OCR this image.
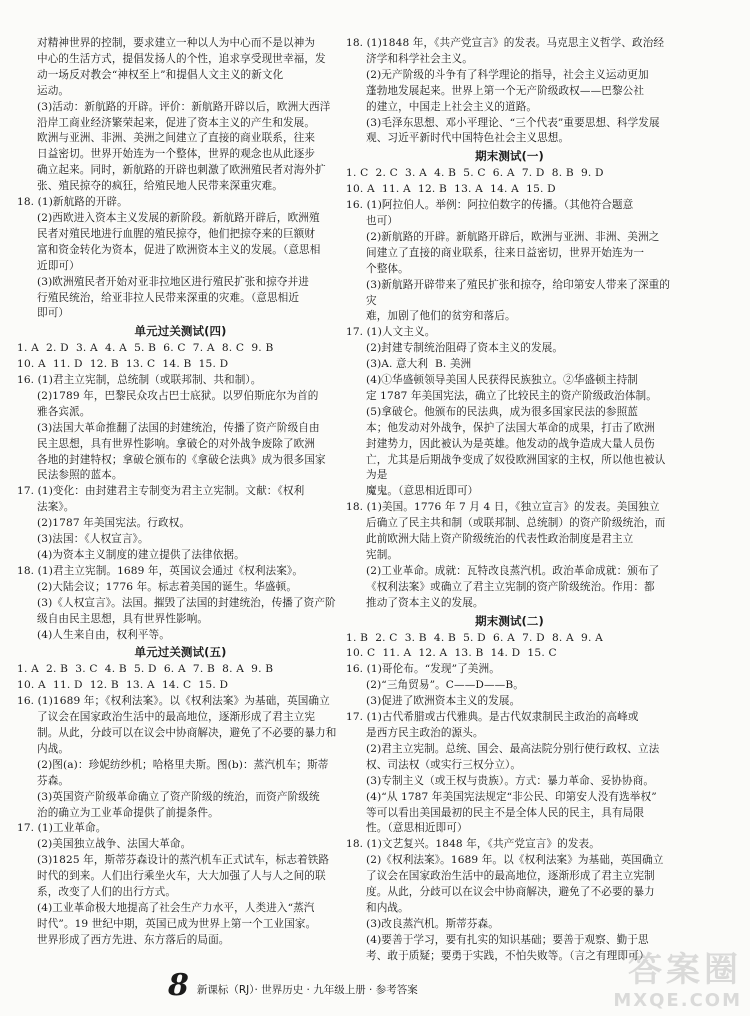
对精神世界的控制，要求建立一种以人为中心而不是以神为
中心的生活方式，提倡发扬人的个性，追求享受现世幸福，发
动一场反对教会“神权至上”和提倡人文主义的新文化
运动。
(3)活动：新航路的开辟。评价：新航路开辟以后，欧洲大西洋
沿岸工商业经济繁荣起来，促进了资本主义的产生和发展。
欧洲与亚洲、非洲、美洲之间建立了直接的商业联系，往来
日益密切。世界开始连为一个整体，世界的观念也从此逐步
确立起来。同时，新航路的开辟也刺激了欧洲殖民者对海外扩
张、殖民掠夺的疯狂，给殖民地人民带来深重灾难。
18. (1)新航路的开辟。
(2)西欧进入资本主义发展的新阶段。新航路开辟后，欧洲殖
民者对殖民地进行血腥的殖民掠夺，他们把掠夺来的巨额财
富和资金转化为资本，促进了欧洲资本主义的发展。（意思相
近即可）
(3)欧洲殖民者开始对亚非拉地区进行殖民扩张和掠夺并进
行殖民统治，给亚非拉人民带来深重的灾难。（意思相近
即可）
单元过关测试(四)
1. A  2. D  3. A  4. A  5. B  6. C  7. A  8. C  9. B
10. A  11. D  12. B  13. C  14. B  15. D
16. (1)君主立宪制，总统制（或联邦制、共和制）。
(2)1789 年，巴黎民众攻占巴士底狱。以罗伯斯庇尔为首的
雅各宾派。
(3)法国大革命推翻了法国的封建统治，传播了资产阶级自由
民主思想，具有世界性影响。拿破仑的对外战争废除了欧洲
各地的封建特权；拿破仑颁布的《拿破仑法典》成为很多国家
民法参照的蓝本。
17. (1)变化：由封建君主专制变为君主立宪制。文献：《权利
法案》。
(2)1787 年美国宪法。行政权。
(3)法国：《人权宣言》。
(4)为资本主义制度的建立提供了法律依据。
18. (1)君主立宪制。1689 年，英国议会通过《权利法案》。
(2)大陆会议；1776 年。标志着美国的诞生。华盛顿。
(3)《人权宣言》。法国。摧毁了法国的封建统治，传播了资产阶
级自由民主思想，具有世界性影响。
(4)人生来自由，权利平等。
单元过关测试(五)
1. A  2. B  3. C  4. B  5. D  6. A  7. B  8. A  9. B
10. A  11. D  12. B  13. A  14. C  15. D
16. (1)1689 年；《权利法案》。以《权利法案》为基础，英国确立
了议会在国家政治生活中的最高地位，逐渐形成了君主立宪
制。从此，分歧可以在议会中协商解决，避免了不必要的暴力和
内战。
(2)图(a)：珍妮纺纱机；哈格里夫斯。图(b)：蒸汽机车；斯蒂
芬森。
(3)英国资产阶级革命确立了资产阶级的统治，而资产阶级统
治的确立为工业革命提供了前提条件。
17. (1)工业革命。
(2)美国独立战争、法国大革命。
(3)1825 年，斯蒂芬森设计的蒸汽机车正式试车，标志着铁路
时代的到来。人们出行乘坐火车，大大加强了人与人之间的联
系，改变了人们的出行方式。
(4)工业革命极大地提高了社会生产力水平，人类进入“蒸汽
时代”。19 世纪中期，英国已成为世界上第一个工业国家。
世界形成了西方先进、东方落后的局面。
18. (1)1848 年，《共产党宣言》的发表。马克思主义哲学、政治经
济学和科学社会主义。
(2)无产阶级的斗争有了科学理论的指导，社会主义运动更加
蓬勃地发展起来。世界上第一个无产阶级政权——巴黎公社
的建立，中国走上社会主义的道路。
(3)毛泽东思想、邓小平理论、“三个代表”重要思想、科学发展
观、习近平新时代中国特色社会主义思想。
期末测试(一)
1. C  2. C  3. A  4. B  5. C  6. A  7. D  8. B  9. D
10. A  11. A  12. B  13. A  14. A  15. D
16. (1)阿拉伯人。举例：阿拉伯数字的传播。（其他符合题意
也可）
(2)新航路的开辟。新航路开辟后，欧洲与亚洲、非洲、美洲之
间建立了直接的商业联系，往来日益密切，世界开始连为一
个整体。
(3)新航路开辟带来了殖民扩张和掠夺，给印第安人带来了深重的灾
难，加剧了他们的贫穷和落后。
17. (1)人文主义。
(2)封建专制统治阻碍了资本主义的发展。
(3)A. 意大利  B. 美洲
(4)①华盛顿领导美国人民获得民族独立。②华盛顿主持制
定 1787 年美国宪法，确立了比较民主的资产阶级政治体制。
(5)拿破仑。他颁布的民法典，成为很多国家民法的参照蓝
本；他发动对外战争，保护了法国大革命的成果，打击了欧洲
封建势力，因此被认为是英雄。他发动的战争造成大量人员伤
亡，尤其是后期战争变成了奴役欧洲国家的主权，所以他也被认为是
魔鬼。（意思相近即可）
18. (1)美国。1776 年 7 月 4 日，《独立宣言》的发表。美国独立
后确立了民主共和制（或联邦制、总统制）的资产阶级统治，而
此前欧洲大陆上资产阶级统治的代表性政治制度是君主立
宪制。
(2)工业革命。成就：瓦特改良蒸汽机。政治革命成就：颁布了
《权利法案》或确立了君主立宪制的资产阶级统治。作用：都
推动了资本主义的发展。
期末测试(二)
1. B  2. C  3. B  4. B  5. D  6. A  7. D  8. A  9. A
10. C  11. A  12. A  13. B  14. D  15. C
16. (1)哥伦布。“发现”了美洲。
(2)“三角贸易”。C——D——B。
(3)促进了欧洲资本主义的发展。
17. (1)古代希腊或古代雅典。是古代奴隶制民主政治的高峰或
是西方民主政治的源头。
(2)君主立宪制。总统、国会、最高法院分别行使行政权、立法
权、司法权（或实行三权分立）。
(3)专制主义（或王权与贵族）。方式：暴力革命、妥协协商。
(4)“从 1787 年美国宪法规定“非公民、印第安人没有选举权”
等可以看出美国最初的民主不是全体人民的民主，具有局限
性。（意思相近即可）
18. (1)文艺复兴。1848 年，《共产党宣言》的发表。
(2)《权利法案》。1689 年。以《权利法案》为基础，英国确立
了议会在国家政治生活中的最高地位，逐渐形成了君主立宪制
度。从此，分歧可以在议会中协商解决，避免了不必要的暴力
和内战。
(3)改良蒸汽机。斯蒂芬森。
(4)要善于学习，要有扎实的知识基础；要善于观察、勤于思
考、敢于质疑；要勇于实践，不怕失败等。（言之有理即可）
8 新课标（RJ）· 世界历史 · 九年级上册 · 参考答案	答案圈
MXQE.COM
